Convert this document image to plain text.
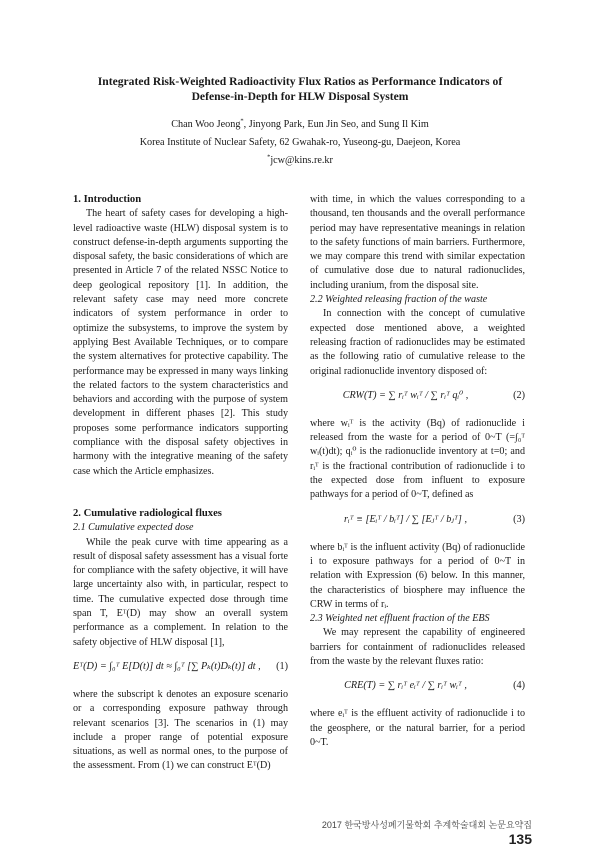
Integrated Risk-Weighted Radioactivity Flux Ratios as Performance Indicators of
Defense-in-Depth for HLW Disposal System
Chan Woo Jeong*, Jinyong Park, Eun Jin Seo, and Sung Il Kim
Korea Institute of Nuclear Safety, 62 Gwahak-ro, Yuseong-gu, Daejeon, Korea
*jcw@kins.re.kr

1. Introduction

The heart of safety cases for developing a high-level radioactive waste (HLW) disposal system is to construct defense-in-depth arguments supporting the disposal safety, the basic considerations of which are presented in Article 7 of the related NSSC Notice to deep geological repository [1]. In addition, the relevant safety case may need more concrete indicators of system performance in order to optimize the subsystems, to improve the system by applying Best Available Techniques, or to compare the system alternatives for protective capability. The performance may be expressed in many ways linking the related factors to the system characteristics and behaviors and according with the purpose of system development in different phases [2]. This study proposes some performance indicators supporting compliance with the disposal safety objectives in harmony with the integrative meaning of the safety case which the Article emphasizes.

2. Cumulative radiological fluxes

2.1 Cumulative expected dose

While the peak curve with time appearing as a result of disposal safety assessment has a visual forte for compliance with the safety objective, it will have large uncertainty also with, in particular, respect to time. The cumulative expected dose through time span T, Eᵀ(D) may show an overall system performance as a complement. In relation to the safety objective of HLW disposal [1],

Eᵀ(D) = ∫₀ᵀ E[D(t)] dt ≈ ∫₀ᵀ [∑ Pₖ(t)Dₖ(t)] dt ,	(1)

where the subscript k denotes an exposure scenario or a corresponding exposure pathway through relevant scenarios [3]. The scenarios in (1) may include a proper range of potential exposure situations, as well as normal ones, to the purpose of the assessment. From (1) we can construct Eᵀ(D)

with time, in which the values corresponding to a thousand, ten thousands and the overall performance period may have representative meanings in relation to the safety functions of main barriers. Furthermore, we may compare this trend with similar expectation of cumulative dose due to natural radionuclides, including uranium, from the disposal site.

2.2 Weighted releasing fraction of the waste

In connection with the concept of cumulative expected dose mentioned above, a weighted releasing fraction of radionuclides may be estimated as the following ratio of cumulative release to the original radionuclide inventory disposed of:

CRW(T) = ∑ rᵢᵀ wᵢᵀ / ∑ rᵢᵀ qᵢ⁰ ,	(2)

where wᵢᵀ is the activity (Bq) of radionuclide i released from the waste for a period of 0~T (=∫₀ᵀ wᵢ(t)dt); qᵢ⁰ is the radionuclide inventory at t=0; and rᵢᵀ is the fractional contribution of radionuclide i to the expected dose from influent to exposure pathways for a period of 0~T, defined as

rᵢᵀ ≡ [Eᵢᵀ / bᵢᵀ] / ∑ [Eⱼᵀ / bⱼᵀ] ,	(3)

where bᵢᵀ is the influent activity (Bq) of radionuclide i to exposure pathways for a period of 0~T in relation with Expression (6) below. In this manner, the characteristics of biosphere may influence the CRW in terms of rᵢ.

2.3 Weighted net effluent fraction of the EBS

We may represent the capability of engineered barriers for containment of radionuclides released from the waste by the relevant fluxes ratio:

CRE(T) = ∑ rᵢᵀ eᵢᵀ / ∑ rᵢᵀ wᵢᵀ ,	(4)

where eᵢᵀ is the effluent activity of radionuclide i to the geosphere, or the natural barrier, for a period 0~T.

2017 한국방사성폐기물학회 추계학술대회 논문요약집 135
